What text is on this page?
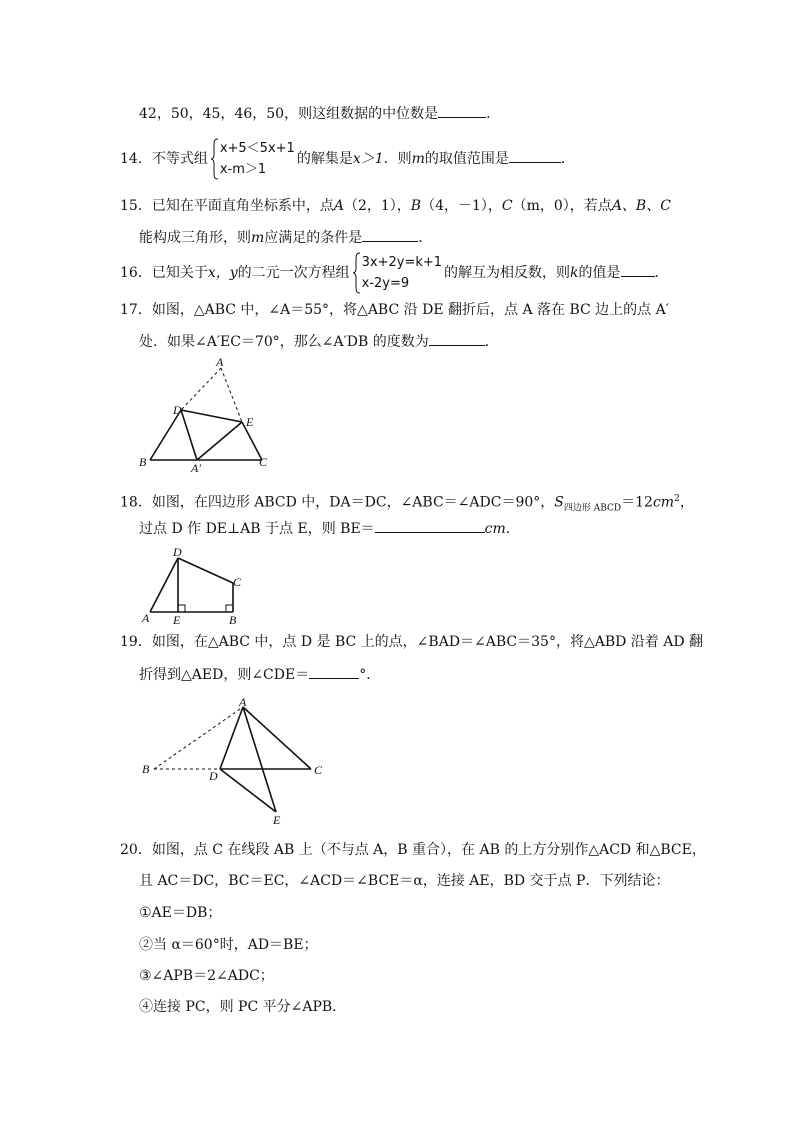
42，50，45，46，50，则这组数据的中位数是	．
14．不等式组
x+5＜5x+1
x-m＞1
的解集是x＞1．则m的取值范围是	．
15．已知在平面直角坐标系中，点A（2，1），B（4，－1），C（m，0），若点A、B、C
能构成三角形，则m应满足的条件是	．
16．已知关于x，y的二元一次方程组
3x+2y=k+1
x-2y=9
的解互为相反数，则k的值是 ．
17．如图，△ABC 中，∠A＝55°，将△ABC 沿 DE 翻折后，点 A 落在 BC 边上的点 A′
处．如果∠A′EC＝70°，那么∠A′DB 的度数为	．
A
D
E
B	A′	C
18．如图，在四边形 ABCD 中，DA＝DC，∠ABC＝∠ADC＝90°，$S_{四边形 ABCD}=12cm^2$，
过点 D 作 DE⊥AB 于点 E，则 BE＝	cm．
D
C
A E	B
19．如图，在△ABC 中，点 D 是 BC 上的点，∠BAD＝∠ABC＝35°，将△ABD 沿着 AD 翻
折得到△AED，则∠CDE＝	°．
A
B	D	C
E
20．如图，点 C 在线段 AB 上（不与点 A，B 重合），在 AB 的上方分别作△ACD 和△BCE，
且 AC＝DC，BC＝EC，∠ACD＝∠BCE＝α，连接 AE，BD 交于点 P．下列结论：
①AE＝DB；
②当 α＝60°时，AD＝BE；
③∠APB＝2∠ADC；
④连接 PC，则 PC 平分∠APB．
